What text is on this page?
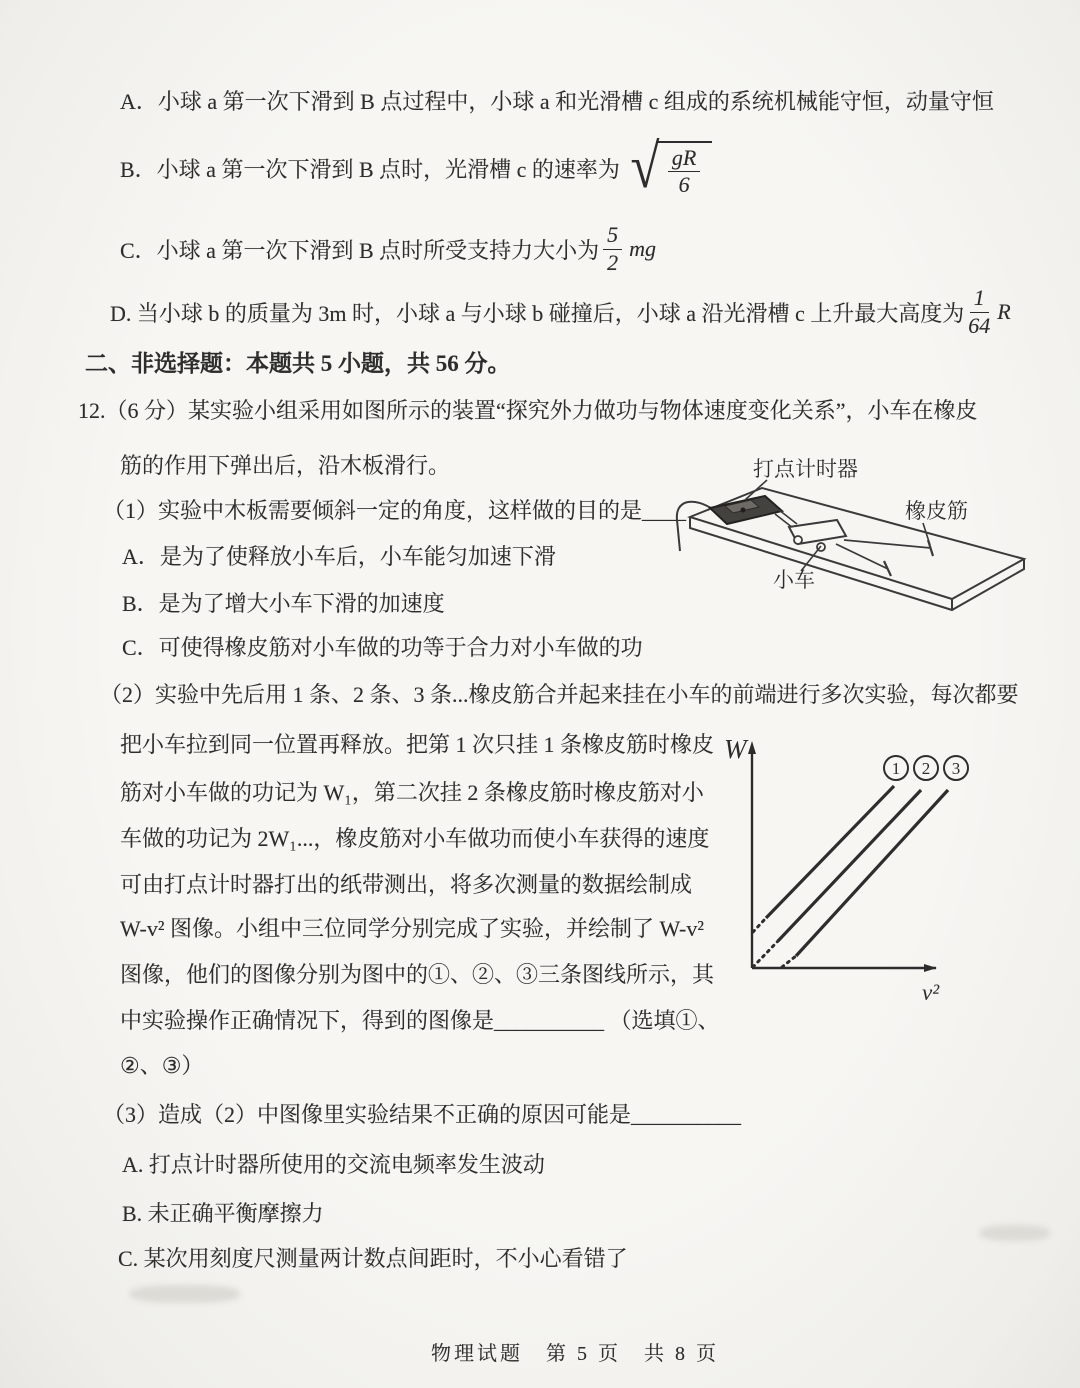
A．小球 a 第一次下滑到 B 点过程中，小球 a 和光滑槽 c 组成的系统机械能守恒，动量守恒
B．小球 a 第一次下滑到 B 点时，光滑槽 c 的速率为 √ $\frac{gR}{6}$
C．小球 a 第一次下滑到 B 点时所受支持力大小为 $\frac{5}{2}$ mg
D. 当小球 b 的质量为 3m 时，小球 a 与小球 b 碰撞后，小球 a 沿光滑槽 c 上升最大高度为 $\frac{1}{64}$ R
二、非选择题：本题共 5 小题，共 56 分。
12.（6 分）某实验小组采用如图所示的装置“探究外力做功与物体速度变化关系”，小车在橡皮
筋的作用下弹出后，沿木板滑行。
（1）实验中木板需要倾斜一定的角度，这样做的目的是____
A．是为了使释放小车后，小车能匀加速下滑
B．是为了增大小车下滑的加速度
C．可使得橡皮筋对小车做的功等于合力对小车做的功
（2）实验中先后用 1 条、2 条、3 条...橡皮筋合并起来挂在小车的前端进行多次实验，每次都要
把小车拉到同一位置再释放。把第 1 次只挂 1 条橡皮筋时橡皮
筋对小车做的功记为 W₁，第二次挂 2 条橡皮筋时橡皮筋对小
车做的功记为 2W₁...，橡皮筋对小车做功而使小车获得的速度
可由打点计时器打出的纸带测出，将多次测量的数据绘制成
W-v² 图像。小组中三位同学分别完成了实验，并绘制了 W-v²
图像，他们的图像分别为图中的①、②、③三条图线所示，其
中实验操作正确情况下，得到的图像是__________ （选填①、
②、③）
（3）造成（2）中图像里实验结果不正确的原因可能是__________
A. 打点计时器所使用的交流电频率发生波动
B. 未正确平衡摩擦力
C. 某次用刻度尺测量两计数点间距时，不小心看错了
打点计时器
橡皮筋
小车
W
v²
1 2 3
物理试题　第 5 页　共 8 页
